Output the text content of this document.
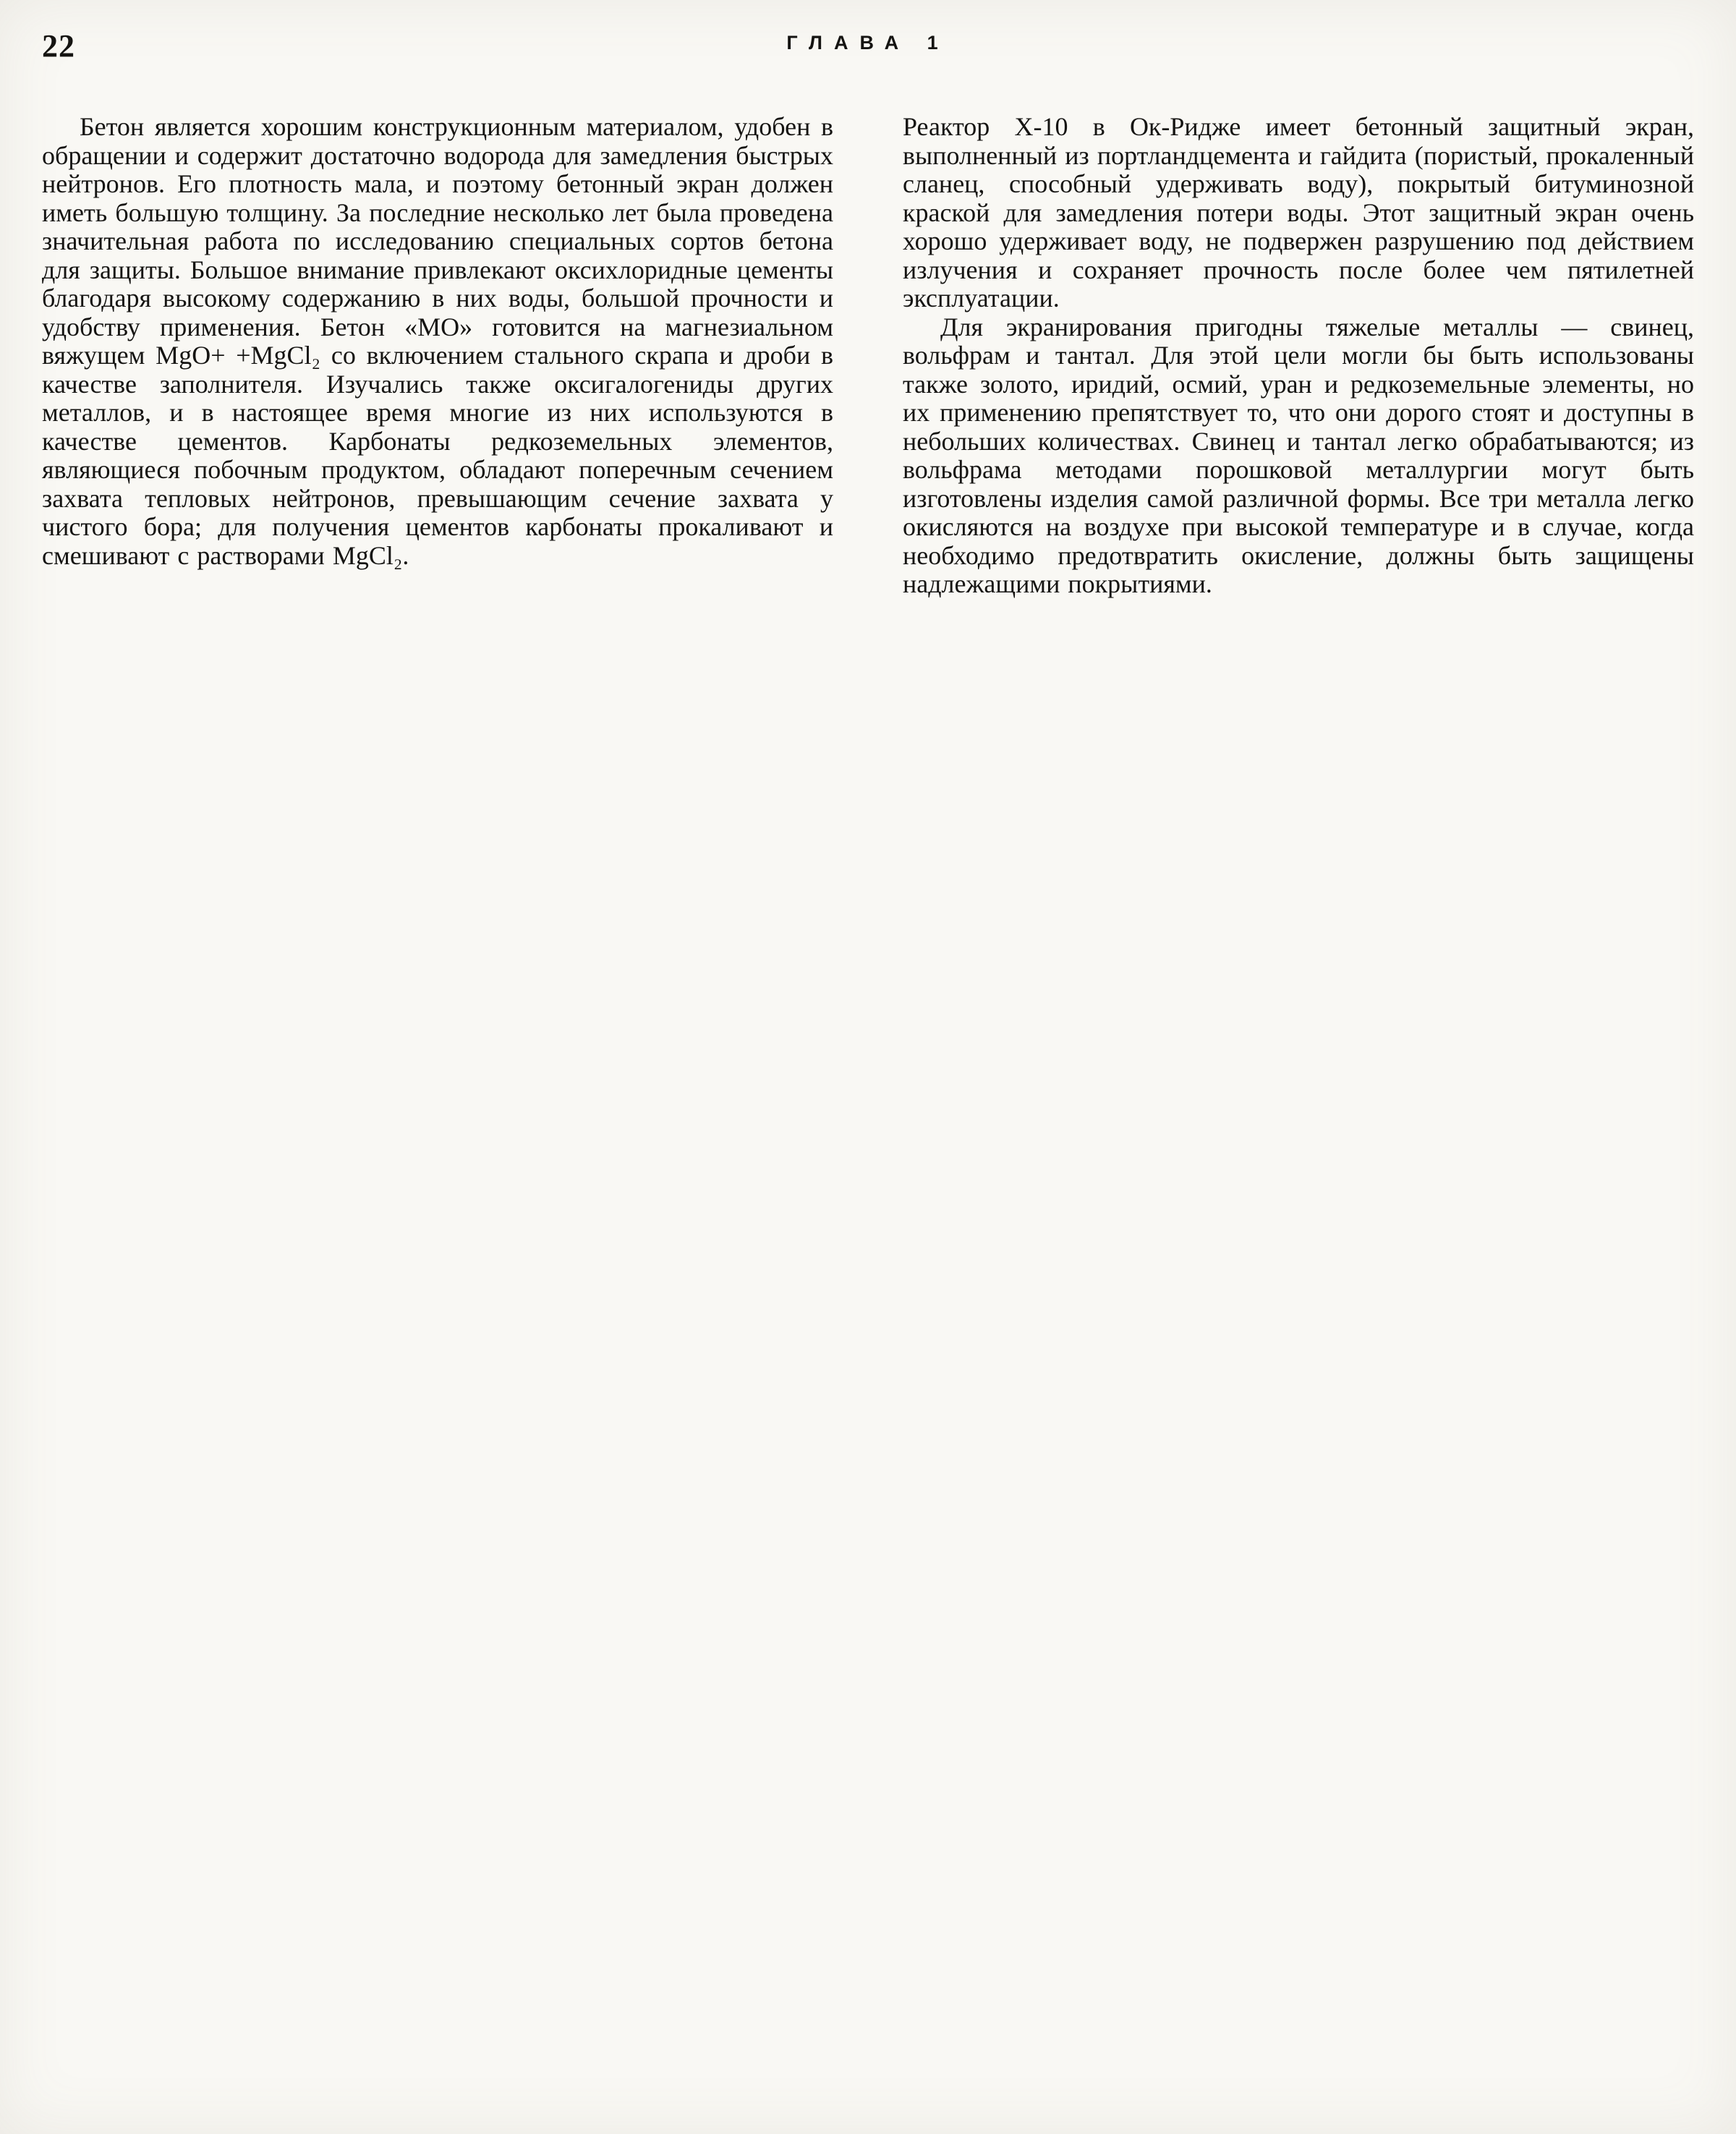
22	ГЛАВА 1

Бетон является хорошим конструкционным материалом, удобен в обращении и содержит достаточно водорода для замедления быстрых нейтронов. Его плотность мала, и поэтому бетонный экран должен иметь большую толщину. За последние несколько лет была проведена значительная работа по исследованию специальных сортов бетона для защиты. Большое внимание привлекают оксихлоридные цементы благодаря высокому содержанию в них воды, большой прочности и удобству применения. Бетон «МО» готовится на магнезиальном вяжущем MgO+ +MgCl₂ со включением стального скрапа и дроби в качестве заполнителя. Изучались также оксигалогениды других металлов, и в настоящее время многие из них используются в качестве цементов. Карбонаты редкоземельных элементов, являющиеся побочным продуктом, обладают поперечным сечением захвата тепловых нейтронов, превышающим сечение захвата у чистого бора; для получения цементов карбонаты прокаливают и смешивают с растворами MgCl₂.

Реактор X-10 в Ок-Ридже имеет бетонный защитный экран, выполненный из портландцемента и гайдита (пористый, прокаленный сланец, способный удерживать воду), покрытый битуминозной краской для замедления потери воды. Этот защитный экран очень хорошо удерживает воду, не подвержен разрушению под действием излучения и сохраняет прочность после более чем пятилетней эксплуатации.

Для экранирования пригодны тяжелые металлы — свинец, вольфрам и тантал. Для этой цели могли бы быть использованы также золото, иридий, осмий, уран и редкоземельные элементы, но их применению препятствует то, что они дорого стоят и доступны в небольших количествах. Свинец и тантал легко обрабатываются; из вольфрама методами порошковой металлургии могут быть изготовлены изделия самой различной формы. Все три металла легко окисляются на воздухе при высокой температуре и в случае, когда необходимо предотвратить окисление, должны быть защищены надлежащими покрытиями.
